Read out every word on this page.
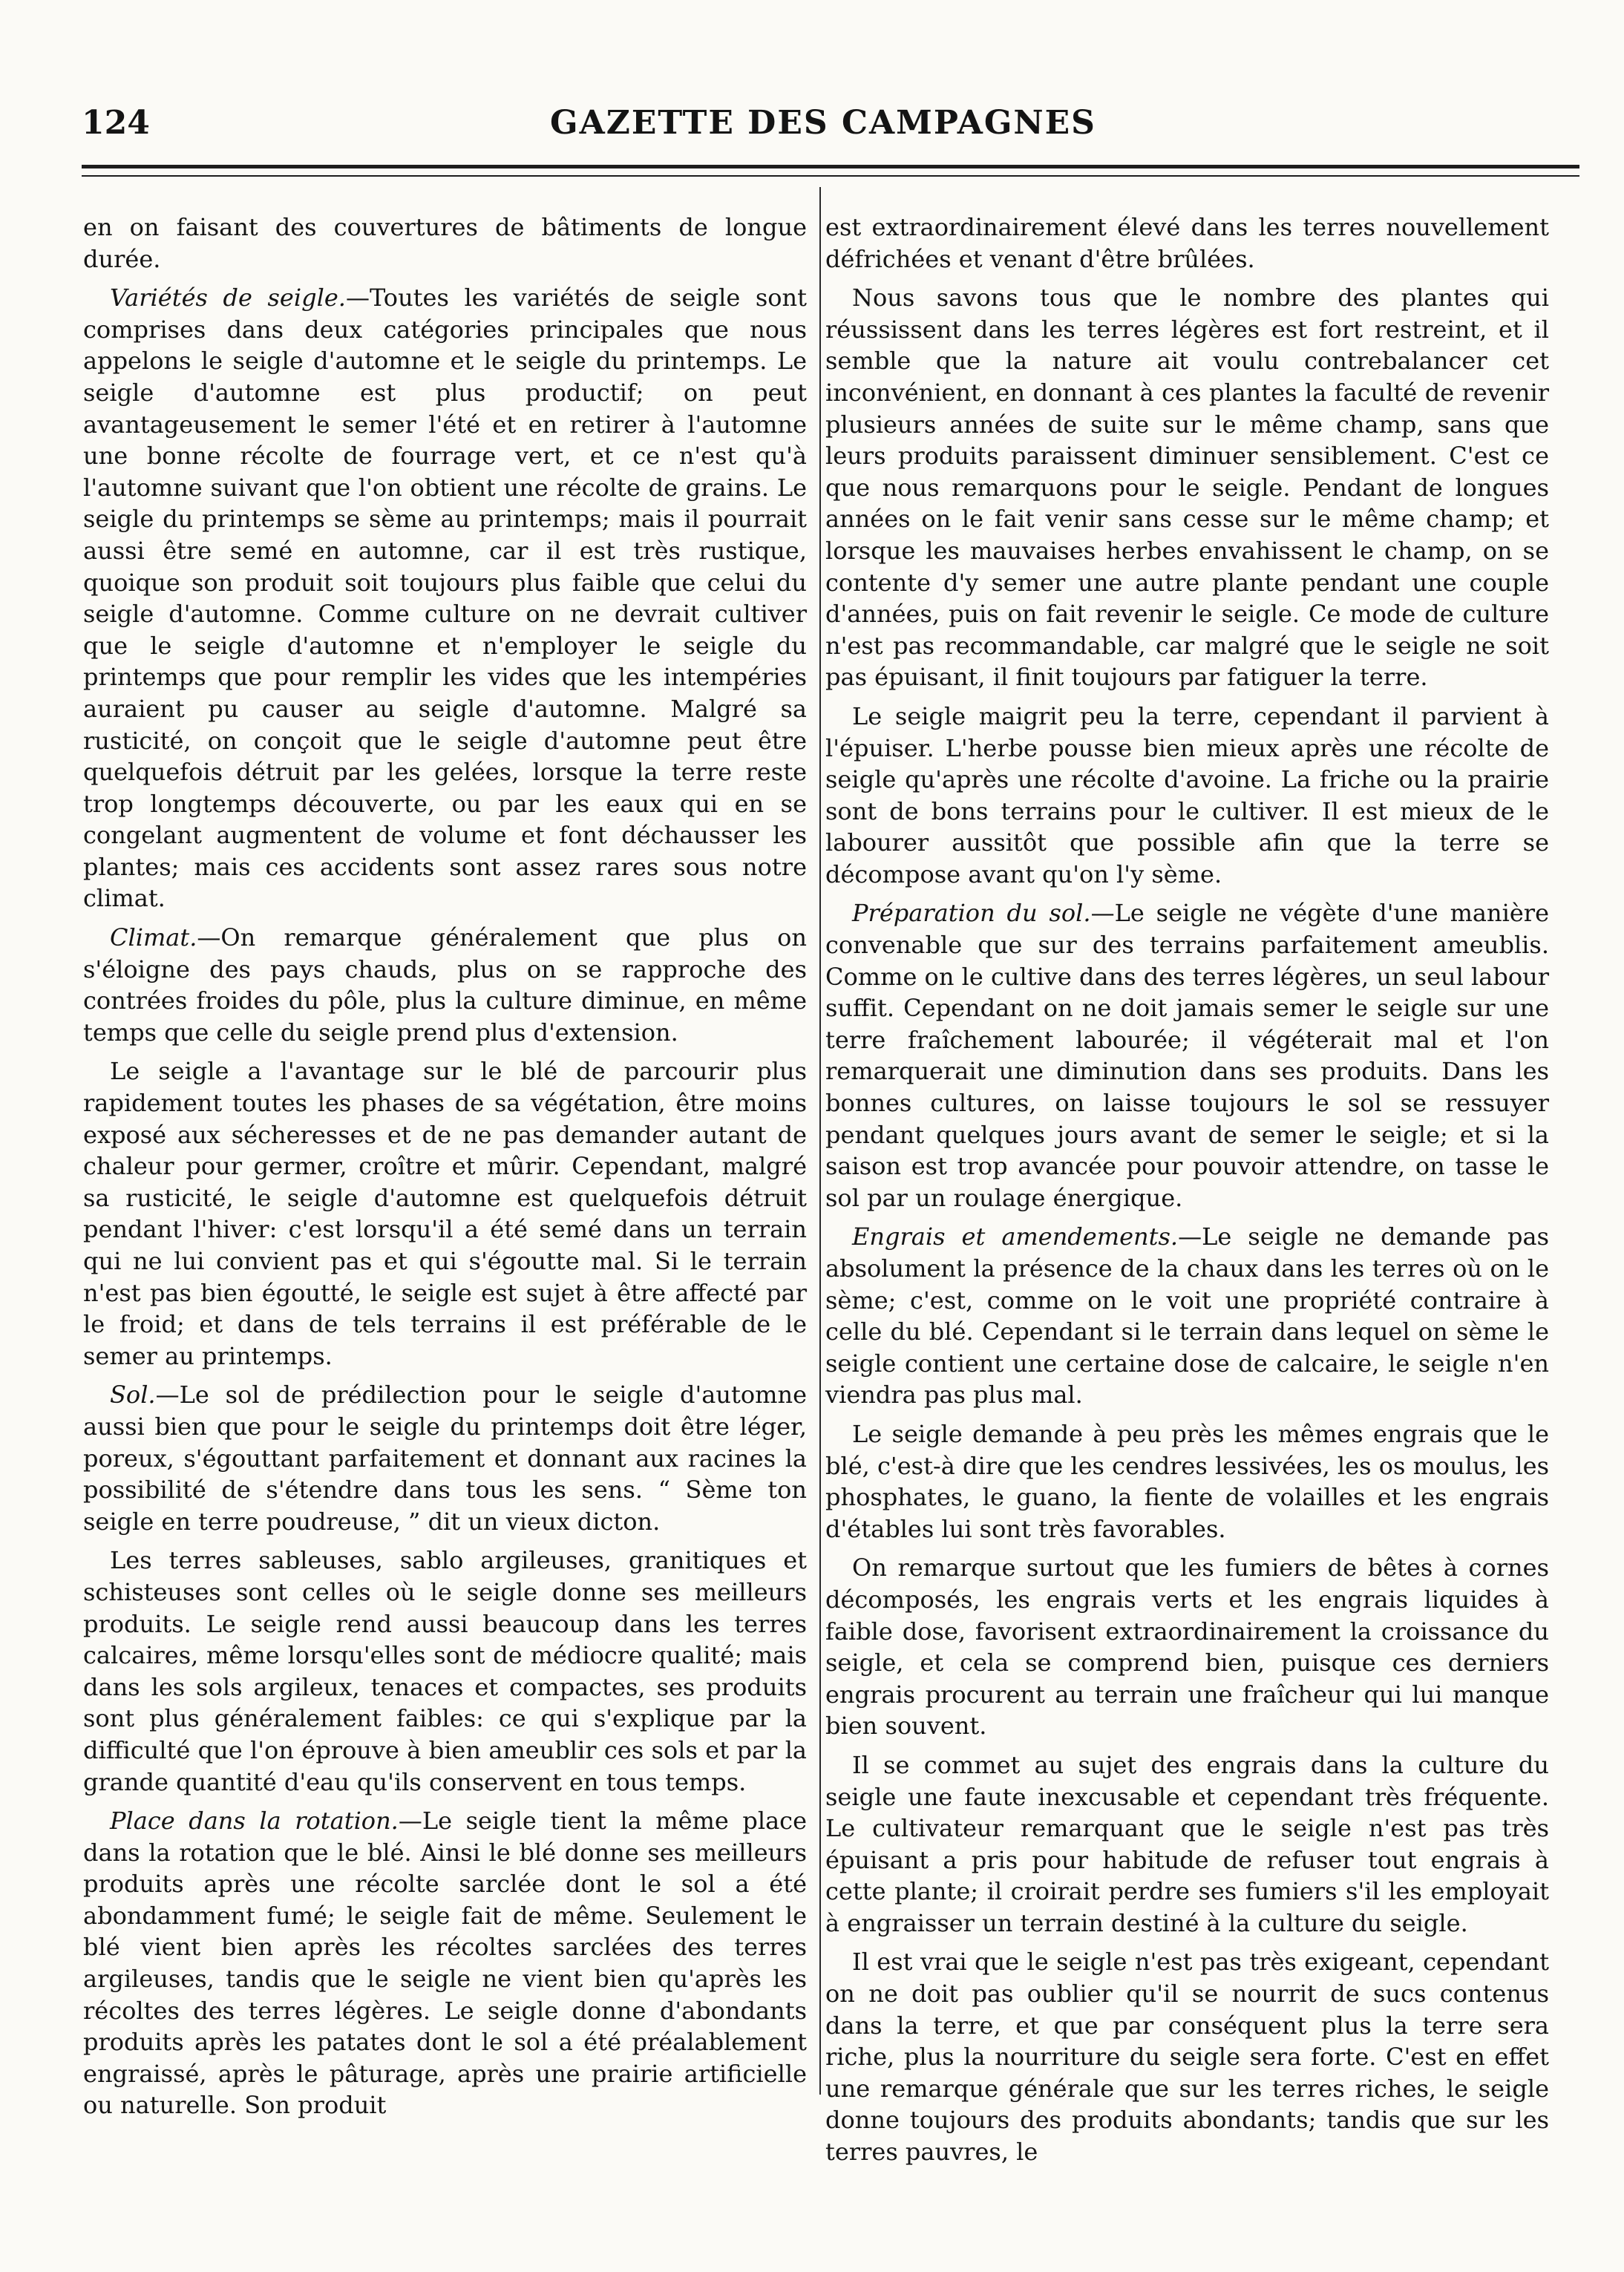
124	GAZETTE DES CAMPAGNES

en on faisant des couvertures de bâtiments de longue durée.

Variétés de seigle.—Toutes les variétés de seigle sont comprises dans deux catégories principales que nous appelons le seigle d'automne et le seigle du printemps. Le seigle d'automne est plus productif; on peut avantageusement le semer l'été et en retirer à l'automne une bonne récolte de fourrage vert, et ce n'est qu'à l'automne suivant que l'on obtient une récolte de grains. Le seigle du printemps se sème au printemps; mais il pourrait aussi être semé en automne, car il est très rustique, quoique son produit soit toujours plus faible que celui du seigle d'automne. Comme culture on ne devrait cultiver que le seigle d'automne et n'employer le seigle du printemps que pour remplir les vides que les intempéries auraient pu causer au seigle d'automne. Malgré sa rusticité, on conçoit que le seigle d'automne peut être quelquefois détruit par les gelées, lorsque la terre reste trop longtemps découverte, ou par les eaux qui en se congelant augmentent de volume et font déchausser les plantes; mais ces accidents sont assez rares sous notre climat.

Climat.—On remarque généralement que plus on s'éloigne des pays chauds, plus on se rapproche des contrées froides du pôle, plus la culture diminue, en même temps que celle du seigle prend plus d'extension.

Le seigle a l'avantage sur le blé de parcourir plus rapidement toutes les phases de sa végétation, être moins exposé aux sécheresses et de ne pas demander autant de chaleur pour germer, croître et mûrir. Cependant, malgré sa rusticité, le seigle d'automne est quelquefois détruit pendant l'hiver: c'est lorsqu'il a été semé dans un terrain qui ne lui convient pas et qui s'égoutte mal. Si le terrain n'est pas bien égoutté, le seigle est sujet à être affecté par le froid; et dans de tels terrains il est préférable de le semer au printemps.

Sol.—Le sol de prédilection pour le seigle d'automne aussi bien que pour le seigle du printemps doit être léger, poreux, s'égouttant parfaitement et donnant aux racines la possibilité de s'étendre dans tous les sens. “ Sème ton seigle en terre poudreuse, ” dit un vieux dicton.

Les terres sableuses, sablo argileuses, granitiques et schisteuses sont celles où le seigle donne ses meilleurs produits. Le seigle rend aussi beaucoup dans les terres calcaires, même lorsqu'elles sont de médiocre qualité; mais dans les sols argileux, tenaces et compactes, ses produits sont plus généralement faibles: ce qui s'explique par la difficulté que l'on éprouve à bien ameublir ces sols et par la grande quantité d'eau qu'ils conservent en tous temps.

Place dans la rotation.—Le seigle tient la même place dans la rotation que le blé. Ainsi le blé donne ses meilleurs produits après une récolte sarclée dont le sol a été abondamment fumé; le seigle fait de même. Seulement le blé vient bien après les récoltes sarclées des terres argileuses, tandis que le seigle ne vient bien qu'après les récoltes des terres légères. Le seigle donne d'abondants produits après les patates dont le sol a été préalablement engraissé, après le pâturage, après une prairie artificielle ou naturelle. Son produit

est extraordinairement élevé dans les terres nouvellement défrichées et venant d'être brûlées.

Nous savons tous que le nombre des plantes qui réussissent dans les terres légères est fort restreint, et il semble que la nature ait voulu contrebalancer cet inconvénient, en donnant à ces plantes la faculté de revenir plusieurs années de suite sur le même champ, sans que leurs produits paraissent diminuer sensiblement. C'est ce que nous remarquons pour le seigle. Pendant de longues années on le fait venir sans cesse sur le même champ; et lorsque les mauvaises herbes envahissent le champ, on se contente d'y semer une autre plante pendant une couple d'années, puis on fait revenir le seigle. Ce mode de culture n'est pas recommandable, car malgré que le seigle ne soit pas épuisant, il finit toujours par fatiguer la terre.

Le seigle maigrit peu la terre, cependant il parvient à l'épuiser. L'herbe pousse bien mieux après une récolte de seigle qu'après une récolte d'avoine. La friche ou la prairie sont de bons terrains pour le cultiver. Il est mieux de le labourer aussitôt que possible afin que la terre se décompose avant qu'on l'y sème.

Préparation du sol.—Le seigle ne végète d'une manière convenable que sur des terrains parfaitement ameublis. Comme on le cultive dans des terres légères, un seul labour suffit. Cependant on ne doit jamais semer le seigle sur une terre fraîchement labourée; il végéterait mal et l'on remarquerait une diminution dans ses produits. Dans les bonnes cultures, on laisse toujours le sol se ressuyer pendant quelques jours avant de semer le seigle; et si la saison est trop avancée pour pouvoir attendre, on tasse le sol par un roulage énergique.

Engrais et amendements.—Le seigle ne demande pas absolument la présence de la chaux dans les terres où on le sème; c'est, comme on le voit une propriété contraire à celle du blé. Cependant si le terrain dans lequel on sème le seigle contient une certaine dose de calcaire, le seigle n'en viendra pas plus mal.

Le seigle demande à peu près les mêmes engrais que le blé, c'est-à dire que les cendres lessivées, les os moulus, les phosphates, le guano, la fiente de volailles et les engrais d'étables lui sont très favorables.

On remarque surtout que les fumiers de bêtes à cornes décomposés, les engrais verts et les engrais liquides à faible dose, favorisent extraordinairement la croissance du seigle, et cela se comprend bien, puisque ces derniers engrais procurent au terrain une fraîcheur qui lui manque bien souvent.

Il se commet au sujet des engrais dans la culture du seigle une faute inexcusable et cependant très fréquente. Le cultivateur remarquant que le seigle n'est pas très épuisant a pris pour habitude de refuser tout engrais à cette plante; il croirait perdre ses fumiers s'il les employait à engraisser un terrain destiné à la culture du seigle.

Il est vrai que le seigle n'est pas très exigeant, cependant on ne doit pas oublier qu'il se nourrit de sucs contenus dans la terre, et que par conséquent plus la terre sera riche, plus la nourriture du seigle sera forte. C'est en effet une remarque générale que sur les terres riches, le seigle donne toujours des produits abondants; tandis que sur les terres pauvres, le
